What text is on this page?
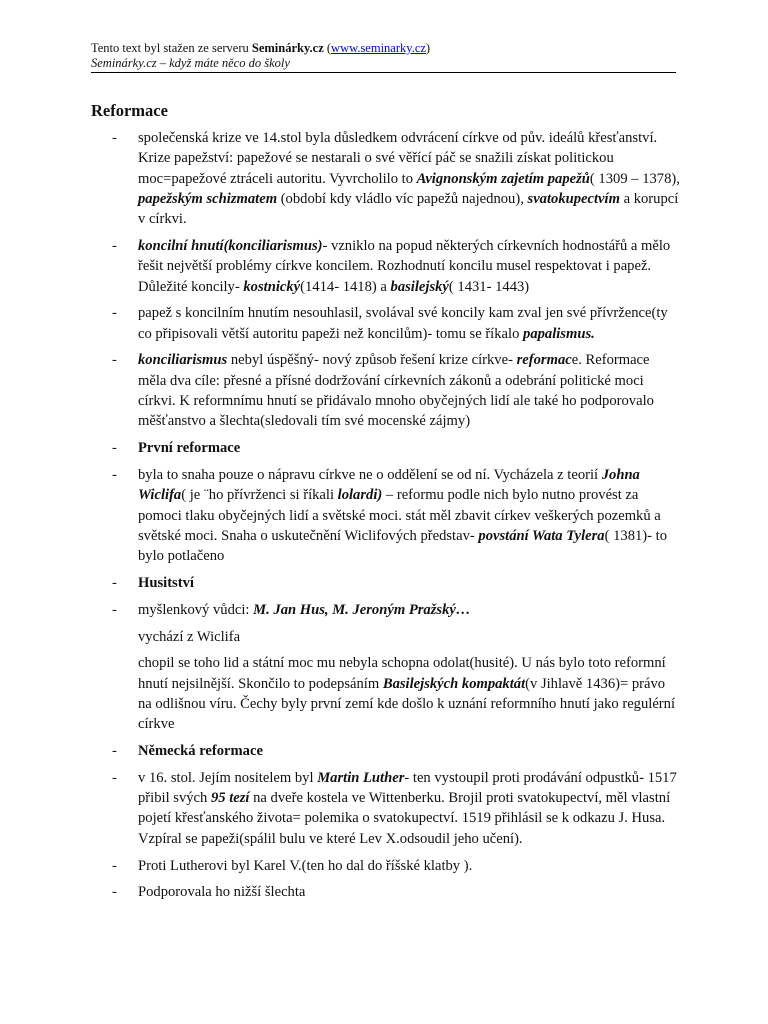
Tento text byl stažen ze serveru Seminárky.cz (www.seminarky.cz)
Seminárky.cz – když máte něco do školy
Reformace
- společenská krize ve 14.stol byla důsledkem odvrácení církve od pův. ideálů křesťanství. Krize papežství: papežové se nestarali o své věřící páč se snažili získat politickou moc=papežové ztráceli autoritu. Vyvrcholilo to Avignonským zajetím papežů( 1309 – 1378), papežským schizmatem (období kdy vládlo víc papežů najednou), svatokupectvím a korupcí v církvi.
- koncilní hnutí(konciliarismus)- vzniklo na popud některých církevních hodnostářů a mělo řešit největší problémy církve koncilem. Rozhodnutí koncilu musel respektovat i papež. Důležité koncily- kostnický(1414- 1418) a basilejský( 1431- 1443)
- papež s koncilním hnutím nesouhlasil, svolával své koncily kam zval jen své přívržence(ty co připisovali větší autoritu papeži než koncilům)- tomu se říkalo papalismus.
- konciliarismus nebyl úspěšný- nový způsob řešení krize církve- reformace. Reformace měla dva cíle: přesné a přísné dodržování církevních zákonů a odebrání politické moci církvi. K reformnímu hnutí se přidávalo mnoho obyčejných lidí ale také ho podporovalo měšťanstvo a šlechta(sledovali tím své mocenské zájmy)
- První reformace
- byla to snaha pouze o nápravu církve ne o oddělení se od ní. Vycházela z teorií Johna Wiclifa( je ¨ho přívrženci si říkali lolardi) – reformu podle nich bylo nutno provést za pomoci tlaku obyčejných lidí a světské moci. stát měl zbavit církev veškerých pozemků a světské moci. Snaha o uskutečnění Wiclifových představ- povstání Wata Tylera( 1381)- to bylo potlačeno
- Husitství
- myšlenkový vůdci: M. Jan Hus, M. Jeroným Pražský…
vychází z Wiclifa
chopil se toho lid a státní moc mu nebyla schopna odolat(husité). U nás bylo toto reformní hnutí nejsilnější. Skončilo to podepsáním Basilejských kompaktát(v Jihlavě 1436)= právo na odlišnou víru. Čechy byly první zemí kde došlo k uznání reformního hnutí jako regulérní církve
- Německá reformace
- v 16. stol. Jejím nositelem byl Martin Luther- ten vystoupil proti prodávání odpustků- 1517 přibil svých 95 tezí na dveře kostela ve Wittenberku. Brojil proti svatokupectví, měl vlastní pojetí křesťanského života= polemika o svatokupectví. 1519 přihlásil se k odkazu J. Husa. Vzpíral se papeži(spálil bulu ve které Lev X.odsoudil jeho učení).
- Proti Lutherovi byl Karel V.(ten ho dal do říšské klatby ).
- Podporovala ho nižší šlechta
